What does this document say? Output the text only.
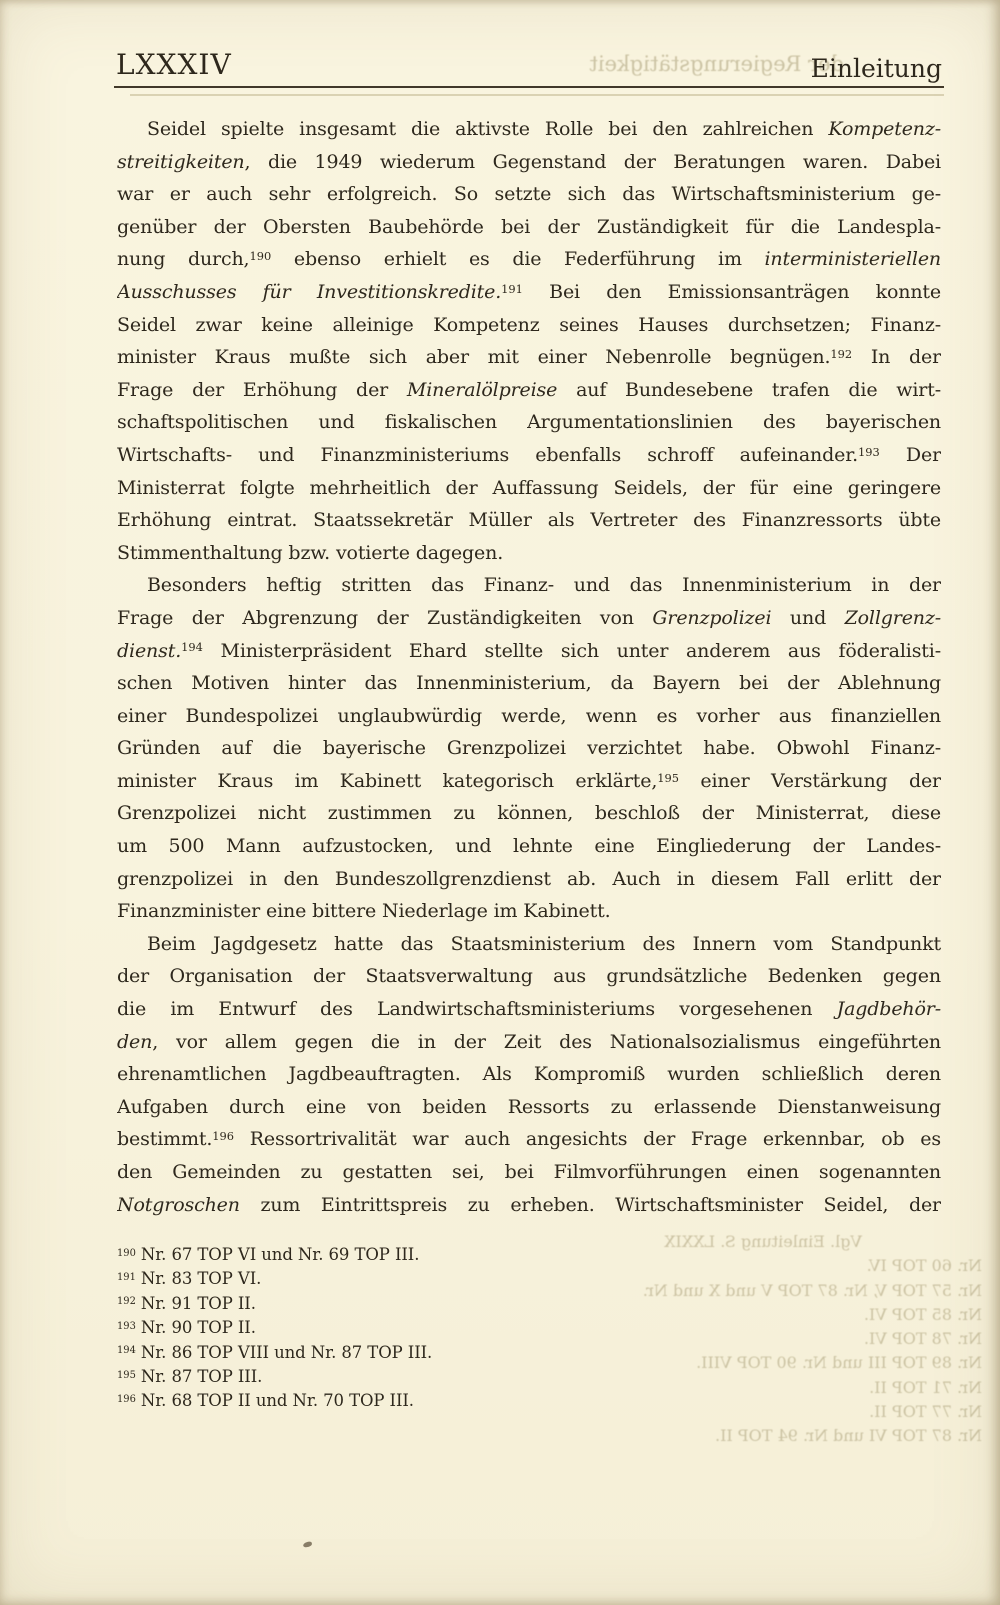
der Regierungstätigkeit
LXXXIV	Einleitung
Seidel spielte insgesamt die aktivste Rolle bei den zahlreichen Kompetenz-
streitigkeiten, die 1949 wiederum Gegenstand der Beratungen waren. Dabei
war er auch sehr erfolgreich. So setzte sich das Wirtschaftsministerium ge-
genüber der Obersten Baubehörde bei der Zuständigkeit für die Landespla-
nung durch,$^{190}$ ebenso erhielt es die Federführung im interministeriellen
Ausschusses für Investitionskredite.$^{191}$ Bei den Emissionsanträgen konnte
Seidel zwar keine alleinige Kompetenz seines Hauses durchsetzen; Finanz-
minister Kraus mußte sich aber mit einer Nebenrolle begnügen.$^{192}$ In der
Frage der Erhöhung der Mineralölpreise auf Bundesebene trafen die wirt-
schaftspolitischen und fiskalischen Argumentationslinien des bayerischen
Wirtschafts- und Finanzministeriums ebenfalls schroff aufeinander.$^{193}$ Der
Ministerrat folgte mehrheitlich der Auffassung Seidels, der für eine geringere
Erhöhung eintrat. Staatssekretär Müller als Vertreter des Finanzressorts übte
Stimmenthaltung bzw. votierte dagegen.
Besonders heftig stritten das Finanz- und das Innenministerium in der
Frage der Abgrenzung der Zuständigkeiten von Grenzpolizei und Zollgrenz-
dienst.$^{194}$ Ministerpräsident Ehard stellte sich unter anderem aus föderalisti-
schen Motiven hinter das Innenministerium, da Bayern bei der Ablehnung
einer Bundespolizei unglaubwürdig werde, wenn es vorher aus finanziellen
Gründen auf die bayerische Grenzpolizei verzichtet habe. Obwohl Finanz-
minister Kraus im Kabinett kategorisch erklärte,$^{195}$ einer Verstärkung der
Grenzpolizei nicht zustimmen zu können, beschloß der Ministerrat, diese
um 500 Mann aufzustocken, und lehnte eine Eingliederung der Landes-
grenzpolizei in den Bundeszollgrenzdienst ab. Auch in diesem Fall erlitt der
Finanzminister eine bittere Niederlage im Kabinett.
Beim Jagdgesetz hatte das Staatsministerium des Innern vom Standpunkt
der Organisation der Staatsverwaltung aus grundsätzliche Bedenken gegen
die im Entwurf des Landwirtschaftsministeriums vorgesehenen Jagdbehör-
den, vor allem gegen die in der Zeit des Nationalsozialismus eingeführten
ehrenamtlichen Jagdbeauftragten. Als Kompromiß wurden schließlich deren
Aufgaben durch eine von beiden Ressorts zu erlassende Dienstanweisung
bestimmt.$^{196}$ Ressortrivalität war auch angesichts der Frage erkennbar, ob es
den Gemeinden zu gestatten sei, bei Filmvorführungen einen sogenannten
Notgroschen zum Eintrittspreis zu erheben. Wirtschaftsminister Seidel, der
$^{190}$ Nr. 67 TOP VI und Nr. 69 TOP III.
$^{191}$ Nr. 83 TOP VI.
$^{192}$ Nr. 91 TOP II.
$^{193}$ Nr. 90 TOP II.
$^{194}$ Nr. 86 TOP VIII und Nr. 87 TOP III.
$^{195}$ Nr. 87 TOP III.
$^{196}$ Nr. 68 TOP II und Nr. 70 TOP III.
Vgl. Einleitung S. LXXIX
Nr. 60 TOP IV.
Nr. 57 TOP V, Nr. 87 TOP V und X und Nr.
Nr. 85 TOP VI.
Nr. 78 TOP VI.
Nr. 89 TOP III und Nr. 90 TOP VIII.
Nr. 71 TOP II.
Nr. 77 TOP II.
Nr. 87 TOP VI und Nr. 94 TOP II.
